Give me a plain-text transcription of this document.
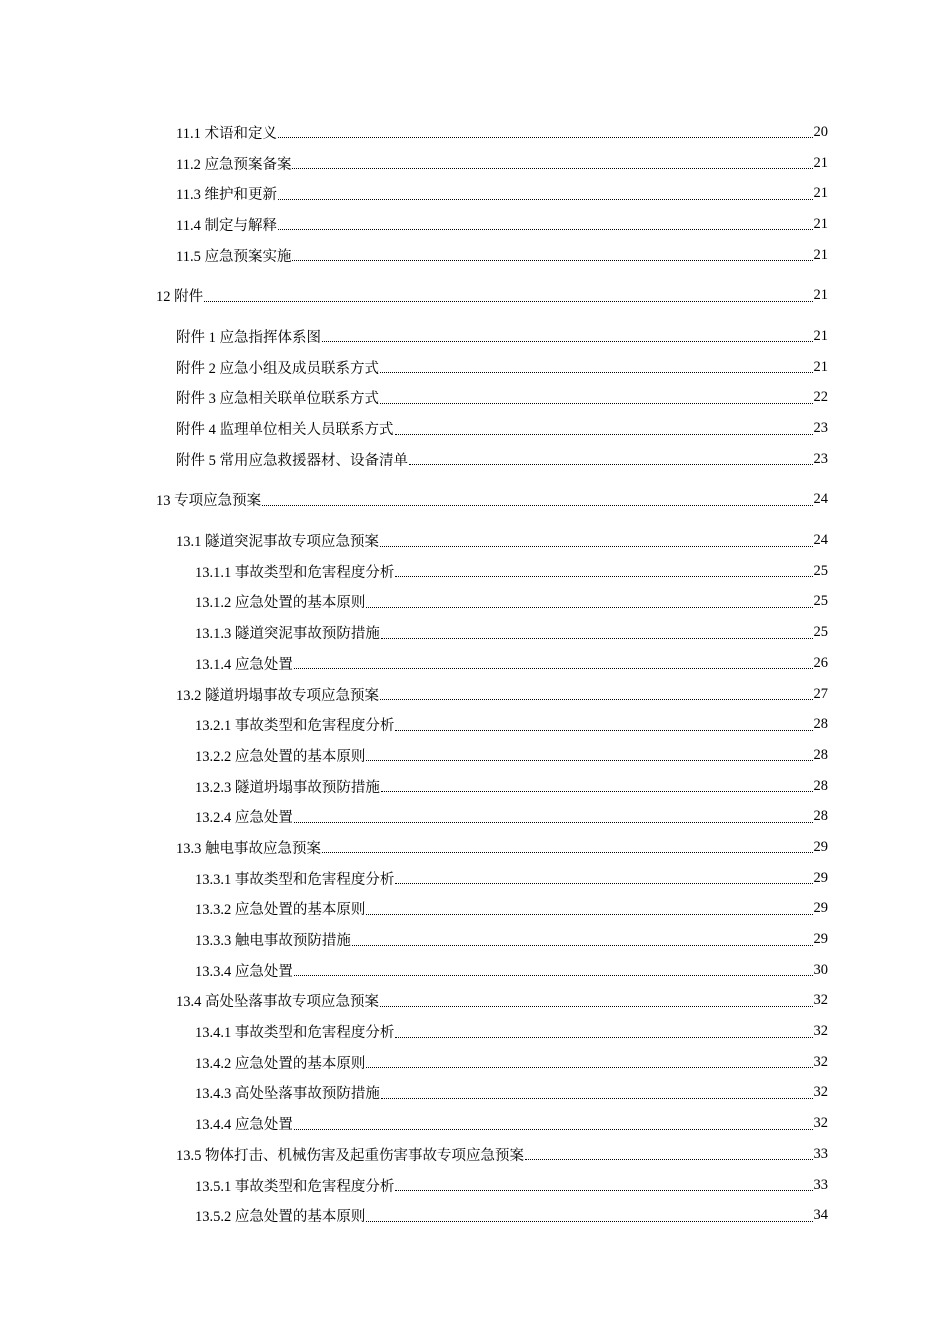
11.1 术语和定义	20
11.2 应急预案备案	21
11.3 维护和更新	21
11.4 制定与解释	21
11.5 应急预案实施	21
12 附件	21
附件 1 应急指挥体系图	21
附件 2 应急小组及成员联系方式	21
附件 3 应急相关联单位联系方式	22
附件 4 监理单位相关人员联系方式	23
附件 5 常用应急救援器材、设备清单	23
13 专项应急预案	24
13.1 隧道突泥事故专项应急预案	24
13.1.1 事故类型和危害程度分析	25
13.1.2 应急处置的基本原则	25
13.1.3 隧道突泥事故预防措施	25
13.1.4 应急处置	26
13.2 隧道坍塌事故专项应急预案	27
13.2.1 事故类型和危害程度分析	28
13.2.2 应急处置的基本原则	28
13.2.3 隧道坍塌事故预防措施	28
13.2.4 应急处置	28
13.3 触电事故应急预案	29
13.3.1 事故类型和危害程度分析	29
13.3.2 应急处置的基本原则	29
13.3.3 触电事故预防措施	29
13.3.4 应急处置	30
13.4 高处坠落事故专项应急预案	32
13.4.1 事故类型和危害程度分析	32
13.4.2 应急处置的基本原则	32
13.4.3 高处坠落事故预防措施	32
13.4.4 应急处置	32
13.5 物体打击、机械伤害及起重伤害事故专项应急预案	33
13.5.1 事故类型和危害程度分析	33
13.5.2 应急处置的基本原则	34
